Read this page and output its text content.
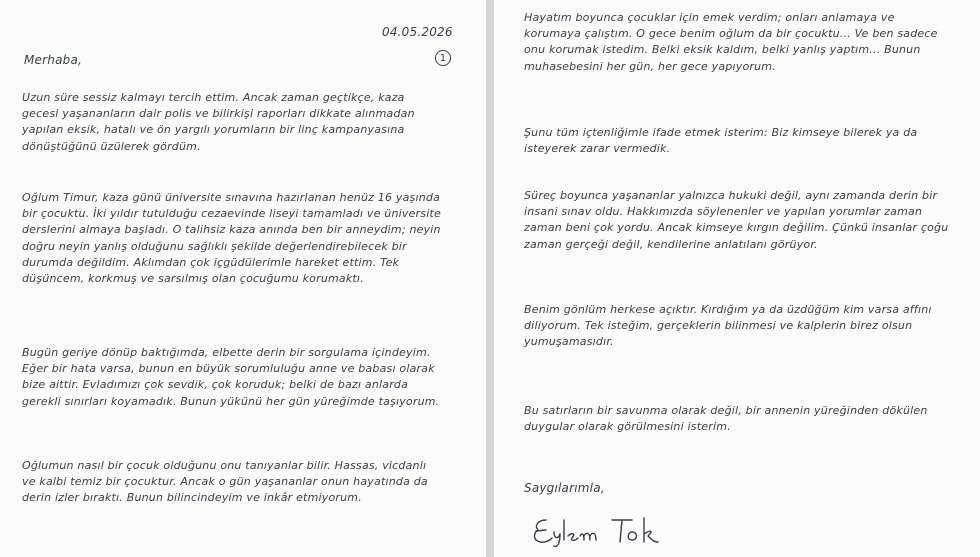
04.05.2026

1

Merhaba,

Uzun süre sessiz kalmayı tercih ettim. Ancak zaman geçtikçe, kaza gecesi yaşananların dair polis ve bilirkişi raporları dikkate alınmadan yapılan eksik, hatalı ve ön yargılı yorumların bir linç kampanyasına dönüştüğünü üzülerek gördüm.

Oğlum Timur, kaza günü üniversite sınavına hazırlanan henüz 16 yaşında bir çocuktu. İki yıldır tutulduğu cezaevinde liseyi tamamladı ve üniversite derslerini almaya başladı. O talihsiz kaza anında ben bir anneydim; neyin doğru neyin yanlış olduğunu sağlıklı şekilde değerlendirebilecek bir durumda değildim. Aklımdan çok içgüdülerimle hareket ettim. Tek düşüncem, korkmuş ve sarsılmış olan çocuğumu korumaktı.

Bugün geriye dönüp baktığımda, elbette derin bir sorgulama içindeyim. Eğer bir hata varsa, bunun en büyük sorumluluğu anne ve babası olarak bize aittir. Evladımızı çok sevdik, çok koruduk; belki de bazı anlarda gerekli sınırları koyamadık. Bunun yükünü her gün yüreğimde taşıyorum.

Oğlumun nasıl bir çocuk olduğunu onu tanıyanlar bilir. Hassas, vicdanlı ve kalbi temiz bir çocuktur. Ancak o gün yaşananlar onun hayatında da derin izler bıraktı. Bunun bilincindeyim ve inkâr etmiyorum.

Hayatım boyunca çocuklar için emek verdim; onları anlamaya ve korumaya çalıştım. O gece benim oğlum da bir çocuktu... Ve ben sadece onu korumak istedim. Belki eksik kaldım, belki yanlış yaptım... Bunun muhasebesini her gün, her gece yapıyorum.

Şunu tüm içtenliğimle ifade etmek isterim: Biz kimseye bilerek ya da isteyerek zarar vermedik.

Süreç boyunca yaşananlar yalnızca hukuki değil, aynı zamanda derin bir insani sınav oldu. Hakkımızda söylenenler ve yapılan yorumlar zaman zaman beni çok yordu. Ancak kimseye kırgın değilim. Çünkü insanlar çoğu zaman gerçeği değil, kendilerine anlatılanı görüyor.

Benim gönlüm herkese açıktır. Kırdığım ya da üzdüğüm kim varsa affını diliyorum. Tek isteğim, gerçeklerin bilinmesi ve kalplerin birez olsun yumuşamasıdır.

Bu satırların bir savunma olarak değil, bir annenin yüreğinden dökülen duygular olarak görülmesini isterim.

Saygılarımla,
